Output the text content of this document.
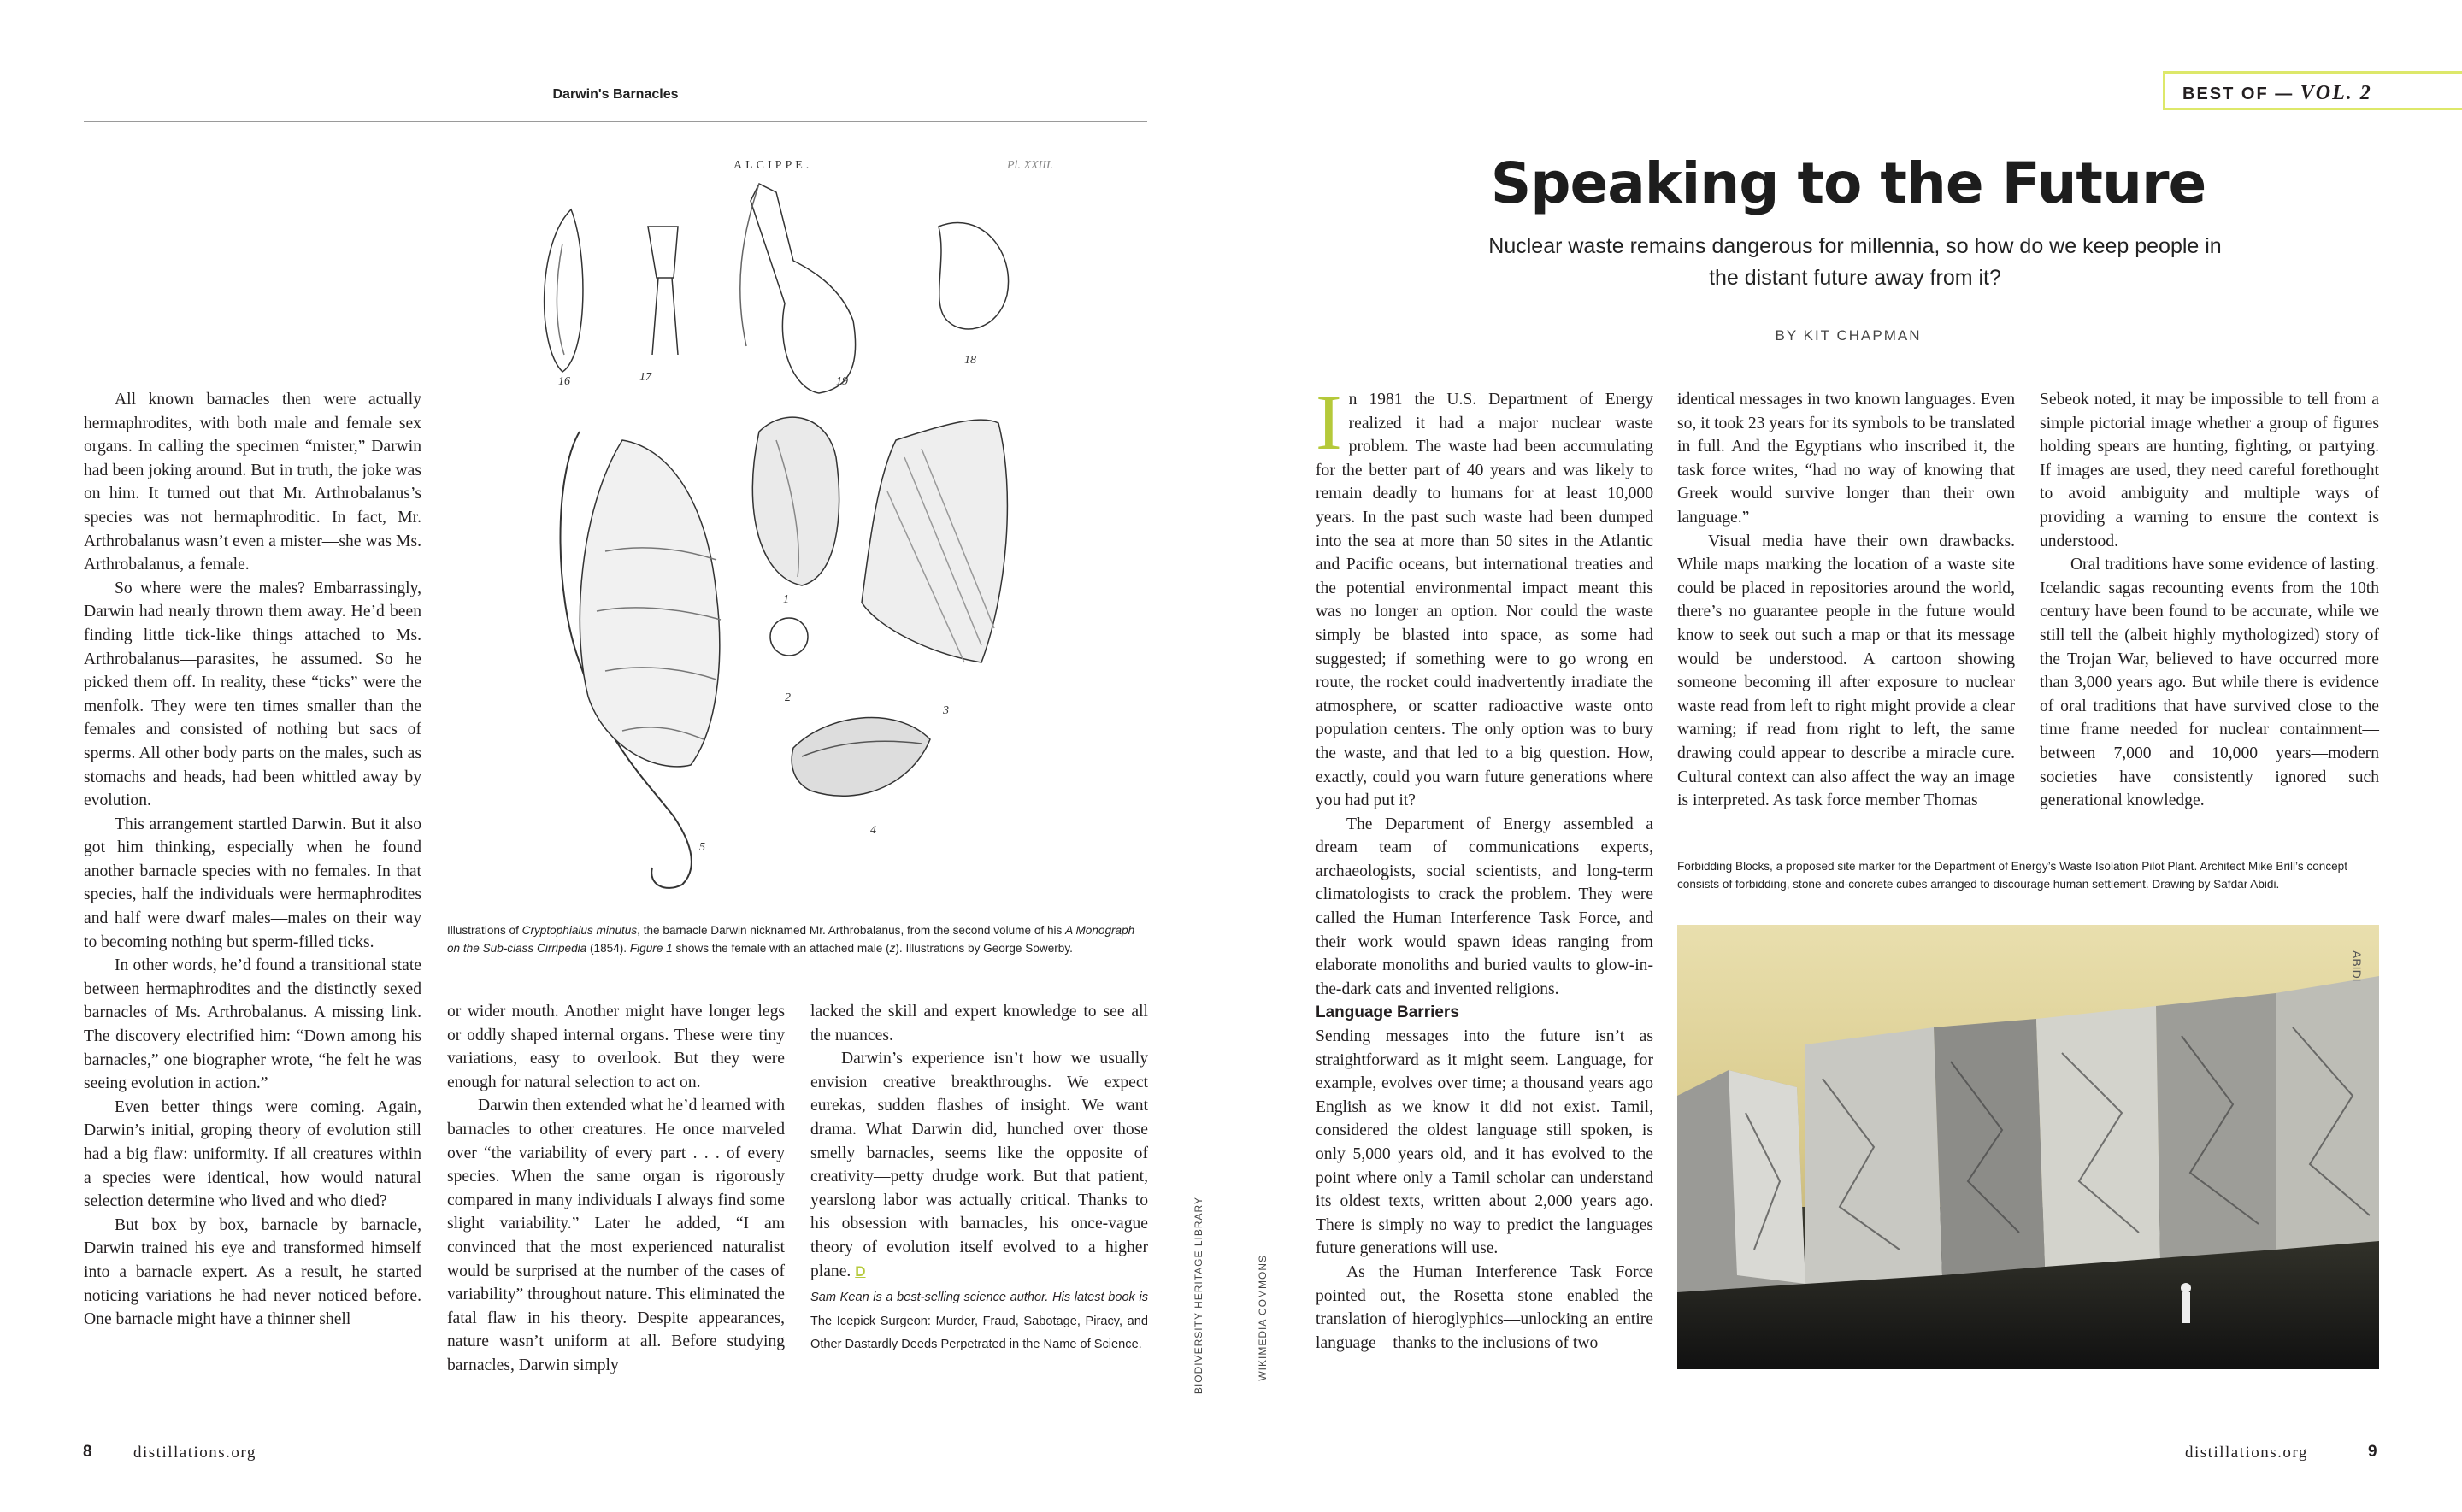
Darwin's Barnacles
ALCIPPE.	Pl. XXIII.
16	17
18
19
1
2
3
4
5
Illustrations of Cryptophialus minutus, the barnacle Darwin nicknamed Mr. Arthrobalanus, from the second volume of his A Monograph on the Sub-class Cirripedia (1854). Figure 1 shows the female with an attached male (z). Illustrations by George Sowerby.

All known barnacles then were actually hermaphrodites, with both male and female sex organs. In calling the specimen “mister,” Darwin had been joking around. But in truth, the joke was on him. It turned out that Mr. Arthrobalanus’s species was not hermaphroditic. In fact, Mr. Arthrobalanus wasn’t even a mister—she was Ms. Arthrobalanus, a female.

So where were the males? Embarrassingly, Darwin had nearly thrown them away. He’d been finding little tick-like things attached to Ms. Arthrobalanus—parasites, he assumed. So he picked them off. In reality, these “ticks” were the menfolk. They were ten times smaller than the females and consisted of nothing but sacs of sperms. All other body parts on the males, such as stomachs and heads, had been whittled away by evolution.

This arrangement startled Darwin. But it also got him thinking, especially when he found another barnacle species with no females. In that species, half the individuals were hermaphrodites and half were dwarf males—males on their way to becoming nothing but sperm-filled ticks.

In other words, he’d found a transitional state between hermaphrodites and the distinctly sexed barnacles of Ms. Arthrobalanus. A missing link. The discovery electrified him: “Down among his barnacles,” one biographer wrote, “he felt he was seeing evolution in action.”

Even better things were coming. Again, Darwin’s initial, groping theory of evolution still had a big flaw: uniformity. If all creatures within a species were identical, how would natural selection determine who lived and who died?

But box by box, barnacle by barnacle, Darwin trained his eye and transformed himself into a barnacle expert. As a result, he started noticing variations he had never noticed before. One barnacle might have a thinner shell

or wider mouth. Another might have longer legs or oddly shaped internal organs. These were tiny variations, easy to overlook. But they were enough for natural selection to act on.

Darwin then extended what he’d learned with barnacles to other creatures. He once marveled over “the variability of every part . . . of every species. When the same organ is rigorously compared in many individuals I always find some slight variability.” Later he added, “I am convinced that the most experienced naturalist would be surprised at the number of the cases of variability” throughout nature. This eliminated the fatal flaw in his theory. Despite appearances, nature wasn’t uniform at all. Before studying barnacles, Darwin simply

lacked the skill and expert knowledge to see all the nuances.

Darwin’s experience isn’t how we usually envision creative breakthroughs. We expect eurekas, sudden flashes of insight. We want drama. What Darwin did, hunched over those smelly barnacles, seems like the opposite of creativity—petty drudge work. But that patient, yearslong labor was actually critical. Thanks to his obsession with barnacles, his once-vague theory of evolution itself evolved to a higher plane. D

Sam Kean is a best-selling science author. His latest book is The Icepick Surgeon: Murder, Fraud, Sabotage, Piracy, and Other Dastardly Deeds Perpetrated in the Name of Science.	BIODIVERSITY HERITAGE LIBRARY	WIKIMEDIA COMMONS
8	distillations.org
BEST OF — VOL. 2
Speaking to the Future
Nuclear waste remains dangerous for millennia, so how do we keep people in the distant future away from it?
BY KIT CHAPMAN

In 1981 the U.S. Department of Energy realized it had a major nuclear waste problem. The waste had been accumulating for the better part of 40 years and was likely to remain deadly to humans for at least 10,000 years. In the past such waste had been dumped into the sea at more than 50 sites in the Atlantic and Pacific oceans, but international treaties and the potential environmental impact meant this was no longer an option. Nor could the waste simply be blasted into space, as some had suggested; if something were to go wrong en route, the rocket could inadvertently irradiate the atmosphere, or scatter radioactive waste onto population centers. The only option was to bury the waste, and that led to a big question. How, exactly, could you warn future generations where you had put it?

The Department of Energy assembled a dream team of communications experts, archaeologists, social scientists, and long-term climatologists to crack the problem. They were called the Human Interference Task Force, and their work would spawn ideas ranging from elaborate monoliths and buried vaults to glow-in-the-dark cats and invented religions.

Language Barriers

Sending messages into the future isn’t as straightforward as it might seem. Language, for example, evolves over time; a thousand years ago English as we know it did not exist. Tamil, considered the oldest language still spoken, is only 5,000 years old, and it has evolved to the point where only a Tamil scholar can understand its oldest texts, written about 2,000 years ago. There is simply no way to predict the languages future generations will use.

As the Human Interference Task Force pointed out, the Rosetta stone enabled the translation of hieroglyphics—unlocking an entire language—thanks to the inclusions of two

identical messages in two known languages. Even so, it took 23 years for its symbols to be translated in full. And the Egyptians who inscribed it, the task force writes, “had no way of knowing that Greek would survive longer than their own language.”

Visual media have their own drawbacks. While maps marking the location of a waste site could be placed in repositories around the world, there’s no guarantee people in the future would know to seek out such a map or that its message would be understood. A cartoon showing someone becoming ill after exposure to nuclear waste read from left to right might provide a clear warning; if read from right to left, the same drawing could appear to describe a miracle cure. Cultural context can also affect the way an image is interpreted. As task force member Thomas

Sebeok noted, it may be impossible to tell from a simple pictorial image whether a group of figures holding spears are hunting, fighting, or partying. If images are used, they need careful forethought to avoid ambiguity and multiple ways of providing a warning to ensure the context is understood.

Oral traditions have some evidence of lasting. Icelandic sagas recounting events from the 10th century have been found to be accurate, while we still tell the (albeit highly mythologized) story of the Trojan War, believed to have occurred more than 3,000 years ago. But while there is evidence of oral traditions that have survived close to the time frame needed for nuclear containment—between 7,000 and 10,000 years—modern societies have consistently ignored such generational knowledge.

Forbidding Blocks, a proposed site marker for the Department of Energy’s Waste Isolation Pilot Plant. Architect Mike Brill’s concept consists of forbidding, stone-and-concrete cubes arranged to discourage human settlement. Drawing by Safdar Abidi.
ABIDI
distillations.org	9
